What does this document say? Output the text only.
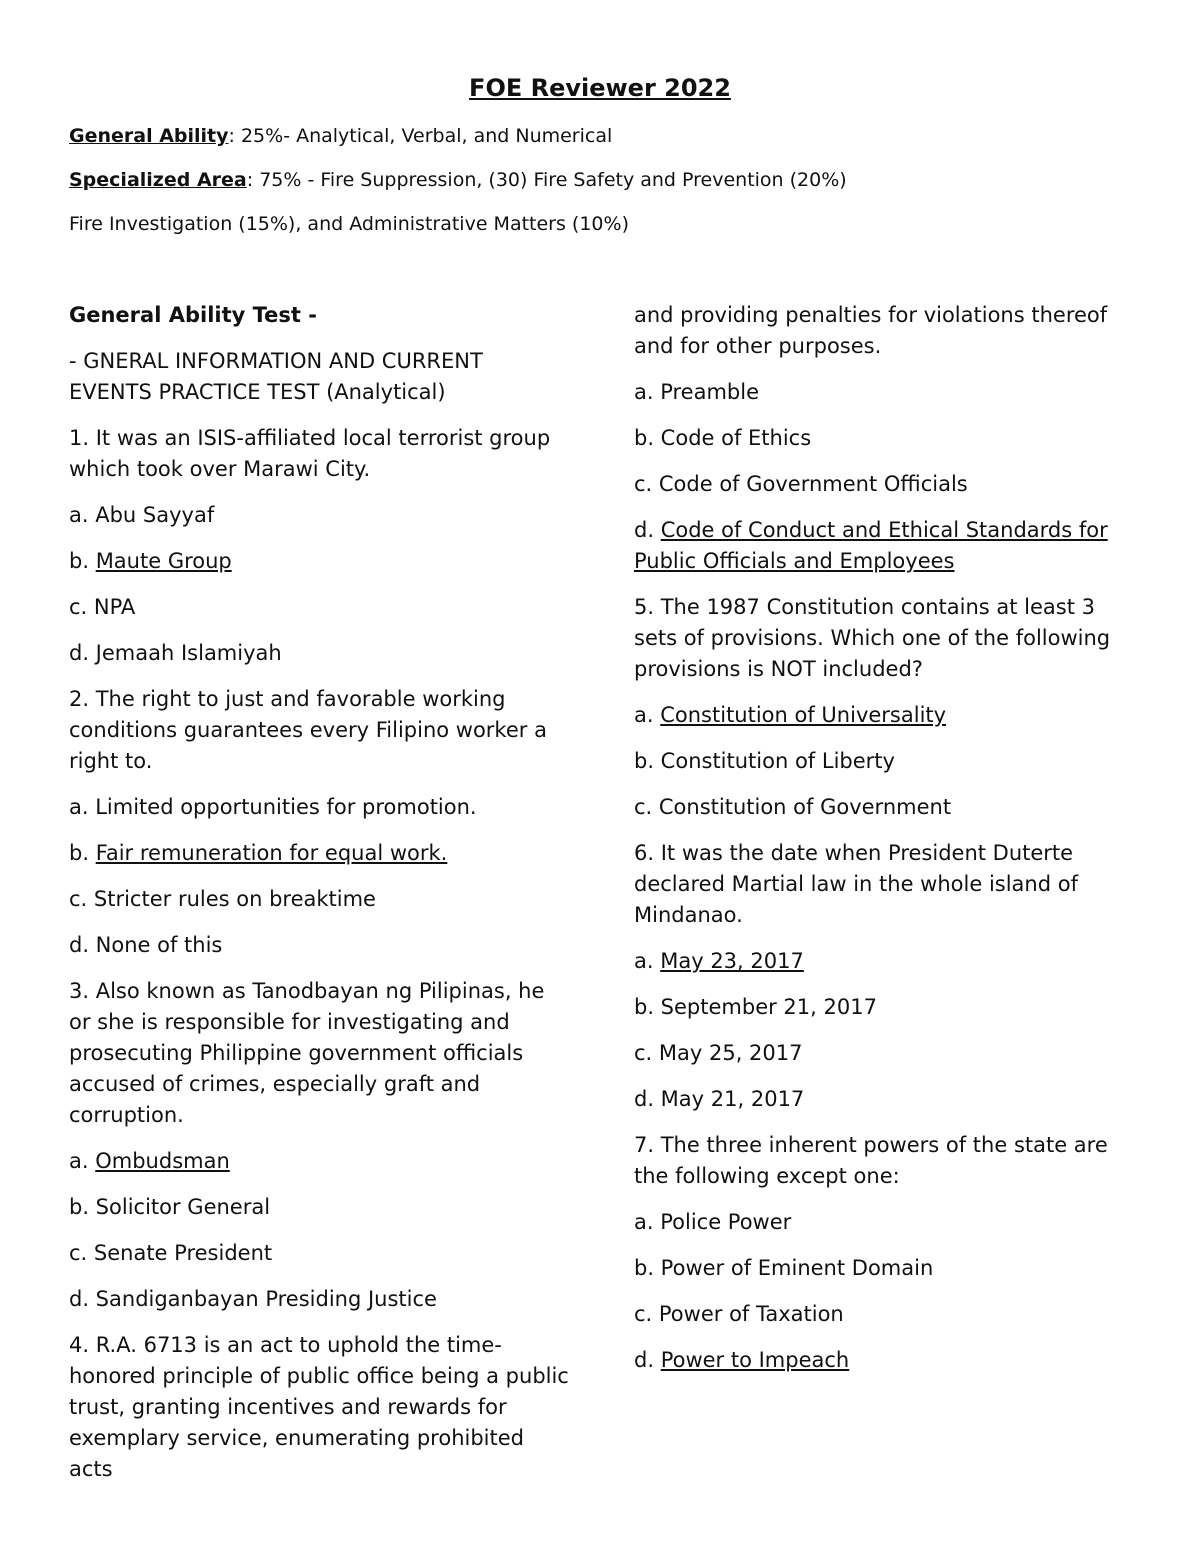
FOE Reviewer 2022
General Ability: 25%- Analytical, Verbal, and Numerical
Specialized Area: 75% - Fire Suppression, (30) Fire Safety and Prevention (20%)
Fire Investigation (15%), and Administrative Matters (10%)

General Ability Test -

- GNERAL INFORMATION AND CURRENT

EVENTS PRACTICE TEST (Analytical)

1. It was an ISIS-affiliated local terrorist group

which took over Marawi City.

a. Abu Sayyaf

b. Maute Group

c. NPA

d. Jemaah Islamiyah

2. The right to just and favorable working

conditions guarantees every Filipino worker a

right to.

a. Limited opportunities for promotion.

b. Fair remuneration for equal work.

c. Stricter rules on breaktime

d. None of this

3. Also known as Tanodbayan ng Pilipinas, he

or she is responsible for investigating and

prosecuting Philippine government officials

accused of crimes, especially graft and

corruption.

a. Ombudsman

b. Solicitor General

c. Senate President

d. Sandiganbayan Presiding Justice

4. R.A. 6713 is an act to uphold the time-

honored principle of public office being a public

trust, granting incentives and rewards for

exemplary service, enumerating prohibited acts

and providing penalties for violations thereof

and for other purposes.

a. Preamble

b. Code of Ethics

c. Code of Government Officials

d. Code of Conduct and Ethical Standards for

Public Officials and Employees

5. The 1987 Constitution contains at least 3

sets of provisions. Which one of the following

provisions is NOT included?

a. Constitution of Universality

b. Constitution of Liberty

c. Constitution of Government

6. It was the date when President Duterte

declared Martial law in the whole island of

Mindanao.

a. May 23, 2017

b. September 21, 2017

c. May 25, 2017

d. May 21, 2017

7. The three inherent powers of the state are

the following except one:

a. Police Power

b. Power of Eminent Domain

c. Power of Taxation

d. Power to Impeach
